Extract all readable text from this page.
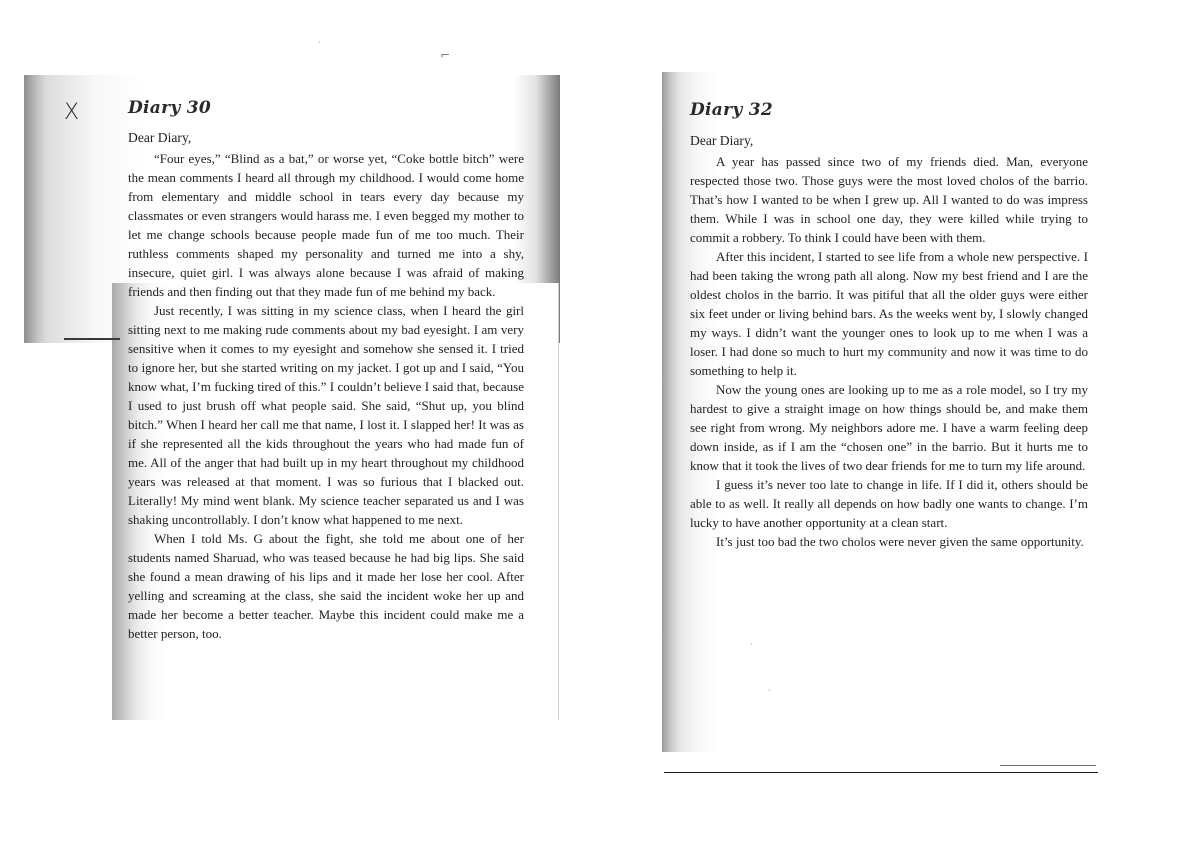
X	Diary 30
Dear Diary,

“Four eyes,” “Blind as a bat,” or worse yet, “Coke bottle bitch” were the mean comments I heard all through my childhood. I would come home from elementary and middle school in tears every day because my classmates or even strangers would harass me. I even begged my mother to let me change schools because people made fun of me too much. Their ruthless comments shaped my personality and turned me into a shy, insecure, quiet girl. I was always alone because I was afraid of making friends and then finding out that they made fun of me behind my back.

Just recently, I was sitting in my science class, when I heard the girl sitting next to me making rude comments about my bad eyesight. I am very sensitive when it comes to my eyesight and somehow she sensed it. I tried to ignore her, but she started writing on my jacket. I got up and I said, “You know what, I’m fucking tired of this.” I couldn’t believe I said that, because I used to just brush off what people said. She said, “Shut up, you blind bitch.” When I heard her call me that name, I lost it. I slapped her! It was as if she represented all the kids throughout the years who had made fun of me. All of the anger that had built up in my heart throughout my childhood years was released at that moment. I was so furious that I blacked out. Literally! My mind went blank. My science teacher separated us and I was shaking uncontrollably. I don’t know what happened to me next.

When I told Ms. G about the fight, she told me about one of her students named Sharuad, who was teased because he had big lips. She said she found a mean drawing of his lips and it made her lose her cool. After yelling and screaming at the class, she said the incident woke her up and made her become a better teacher. Maybe this incident could make me a better person, too.

Diary 32
Dear Diary,

A year has passed since two of my friends died. Man, everyone respected those two. Those guys were the most loved cholos of the barrio. That’s how I wanted to be when I grew up. All I wanted to do was impress them. While I was in school one day, they were killed while trying to commit a robbery. To think I could have been with them.

After this incident, I started to see life from a whole new perspective. I had been taking the wrong path all along. Now my best friend and I are the oldest cholos in the barrio. It was pitiful that all the older guys were either six feet under or living behind bars. As the weeks went by, I slowly changed my ways. I didn’t want the younger ones to look up to me when I was a loser. I had done so much to hurt my community and now it was time to do something to help it.

Now the young ones are looking up to me as a role model, so I try my hardest to give a straight image on how things should be, and make them see right from wrong. My neighbors adore me. I have a warm feeling deep down inside, as if I am the “chosen one” in the barrio. But it hurts me to know that it took the lives of two dear friends for me to turn my life around.

I guess it’s never too late to change in life. If I did it, others should be able to as well. It really all depends on how badly one wants to change. I’m lucky to have another opportunity at a clean start.

It’s just too bad the two cholos were never given the same opportunity.

⌐
·
·
·
